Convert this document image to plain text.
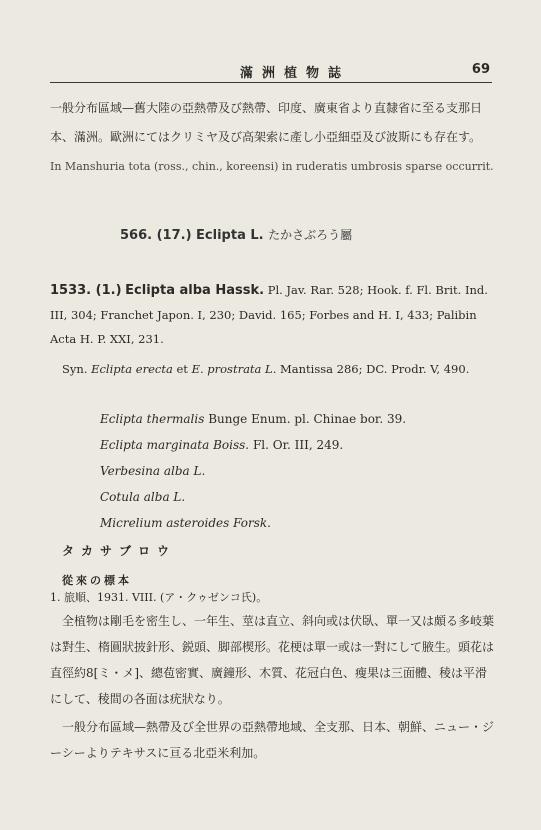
滿洲植物誌	69

一般分布區域—舊大陸の亞熱帶及び熱帶、印度、廣東省より直隸省に至る支那日本、滿洲。歐洲にてはクリミヤ及び高架索に產し小亞細亞及び波斯にも存在す。
In Manshuria tota (ross., chin., koreensi) in ruderatis umbrosis sparse occurrit.

566. (17.) Eclipta L. たかさぶろう屬

1533. (1.) Eclipta alba Hassk. Pl. Jav. Rar. 528; Hook. f. Fl. Brit. Ind. III, 304; Franchet Japon. I, 230; David. 165; Forbes and H. I, 433; Palibin Acta H. P. XXI, 231.

Syn. Eclipta erecta et E. prostrata L. Mantissa 286; DC. Prodr. V, 490.

Eclipta thermalis Bunge Enum. pl. Chinae bor. 39.
Eclipta marginata Boiss. Fl. Or. III, 249.
Verbesina alba L.
Cotula alba L.
Micrelium asteroides Forsk.

タカサブロウ

從來の標本

1. 旅順、1931. VIII. (ア・クゥゼンコ氏)。

全植物は剛毛を密生し、一年生、莖は直立、斜向或は伏臥、單一又は頗る多岐葉は對生、楕圓狀披針形、鋭頭、脚部楔形。花梗は單一或は一對にして腋生。頭花は直徑約8[ミ・メ]、總苞密實、廣鐘形、木質、花冠白色、瘦果は三面體、稜は平滑にして、稜間の各面は疣狀なり。

一般分布區域—熱帶及び全世界の亞熱帶地域、全支那、日本、朝鮮、ニュー・ジーシーよりテキサスに亘る北亞米利加。
